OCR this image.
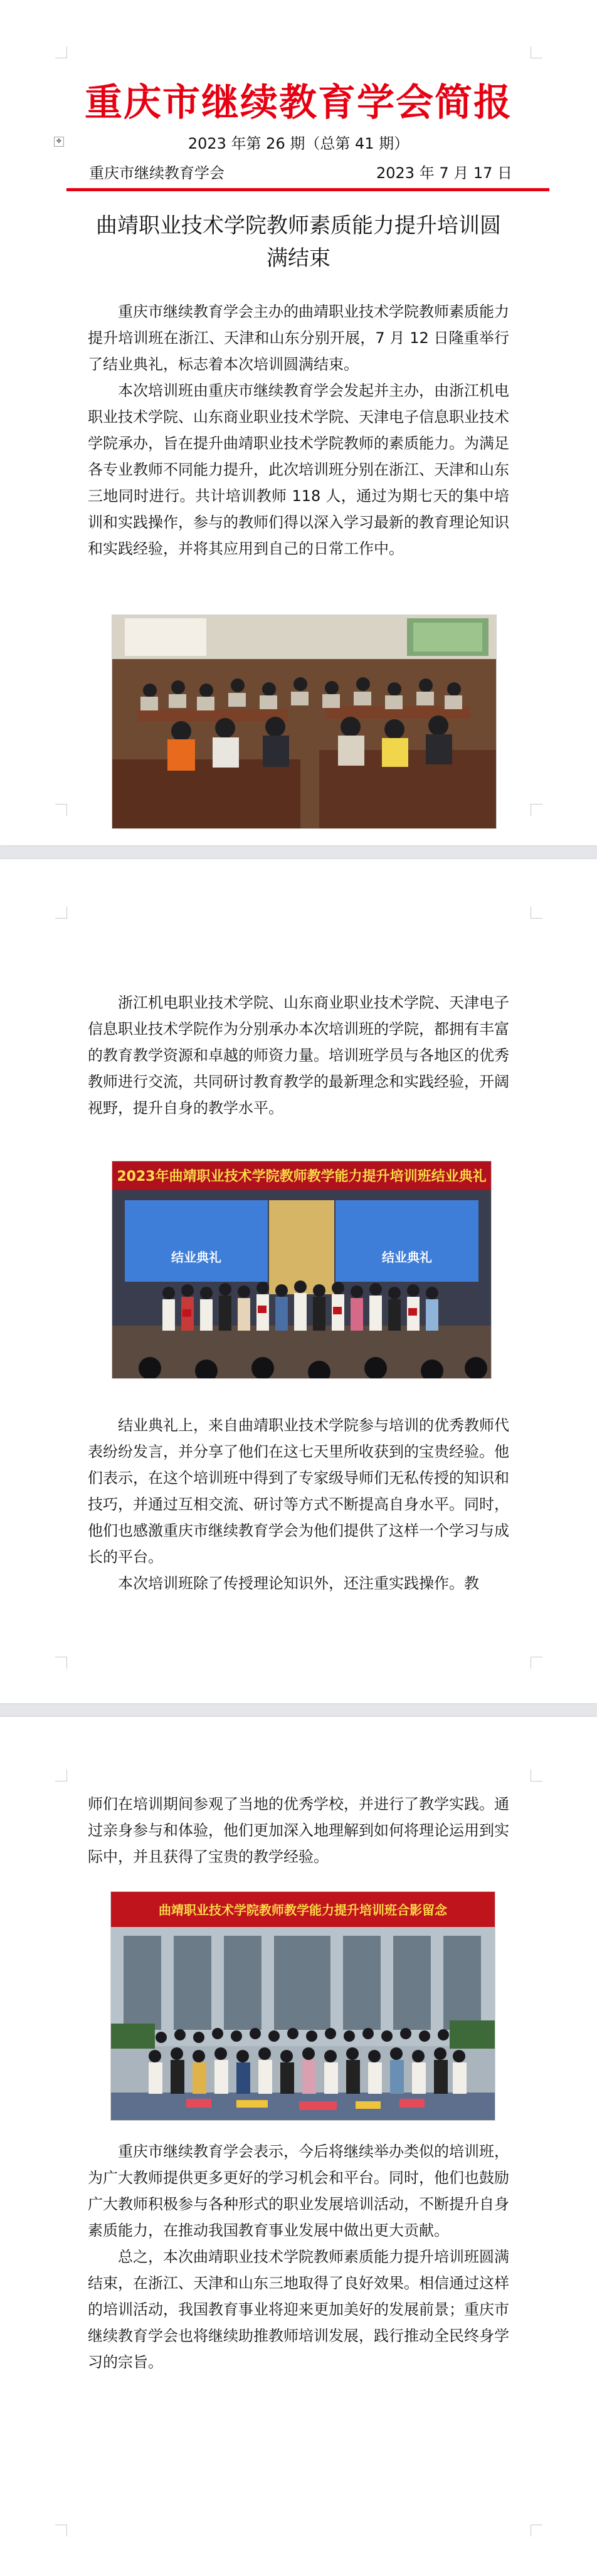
✥
重庆市继续教育学会简报
2023 年第 26 期（总第 41 期）
重庆市继续教育学会	2023 年 7 月 17 日
曲靖职业技术学院教师素质能力提升培训圆满结束

重庆市继续教育学会主办的曲靖职业技术学院教师素质能力提升培训班在浙江、天津和山东分别开展，7 月 12 日隆重举行了结业典礼，标志着本次培训圆满结束。

本次培训班由重庆市继续教育学会发起并主办，由浙江机电职业技术学院、山东商业职业技术学院、天津电子信息职业技术学院承办，旨在提升曲靖职业技术学院教师的素质能力。为满足各专业教师不同能力提升，此次培训班分别在浙江、天津和山东三地同时进行。共计培训教师 118 人，通过为期七天的集中培训和实践操作，参与的教师们得以深入学习最新的教育理论知识和实践经验，并将其应用到自己的日常工作中。

浙江机电职业技术学院、山东商业职业技术学院、天津电子信息职业技术学院作为分别承办本次培训班的学院，都拥有丰富的教育教学资源和卓越的师资力量。培训班学员与各地区的优秀教师进行交流，共同研讨教育教学的最新理念和实践经验，开阔视野，提升自身的教学水平。

2023年曲靖职业技术学院教师教学能力提升培训班结业典礼
结业典礼	结业典礼

结业典礼上，来自曲靖职业技术学院参与培训的优秀教师代表纷纷发言，并分享了他们在这七天里所收获到的宝贵经验。他们表示，在这个培训班中得到了专家级导师们无私传授的知识和技巧，并通过互相交流、研讨等方式不断提高自身水平。同时，他们也感激重庆市继续教育学会为他们提供了这样一个学习与成长的平台。

本次培训班除了传授理论知识外，还注重实践操作。教

师们在培训期间参观了当地的优秀学校，并进行了教学实践。通过亲身参与和体验，他们更加深入地理解到如何将理论运用到实际中，并且获得了宝贵的教学经验。

曲靖职业技术学院教师教学能力提升培训班合影留念

重庆市继续教育学会表示，今后将继续举办类似的培训班，为广大教师提供更多更好的学习机会和平台。同时，他们也鼓励广大教师积极参与各种形式的职业发展培训活动，不断提升自身素质能力，在推动我国教育事业发展中做出更大贡献。

总之，本次曲靖职业技术学院教师素质能力提升培训班圆满结束，在浙江、天津和山东三地取得了良好效果。相信通过这样的培训活动，我国教育事业将迎来更加美好的发展前景；重庆市继续教育学会也将继续助推教师培训发展，践行推动全民终身学习的宗旨。
